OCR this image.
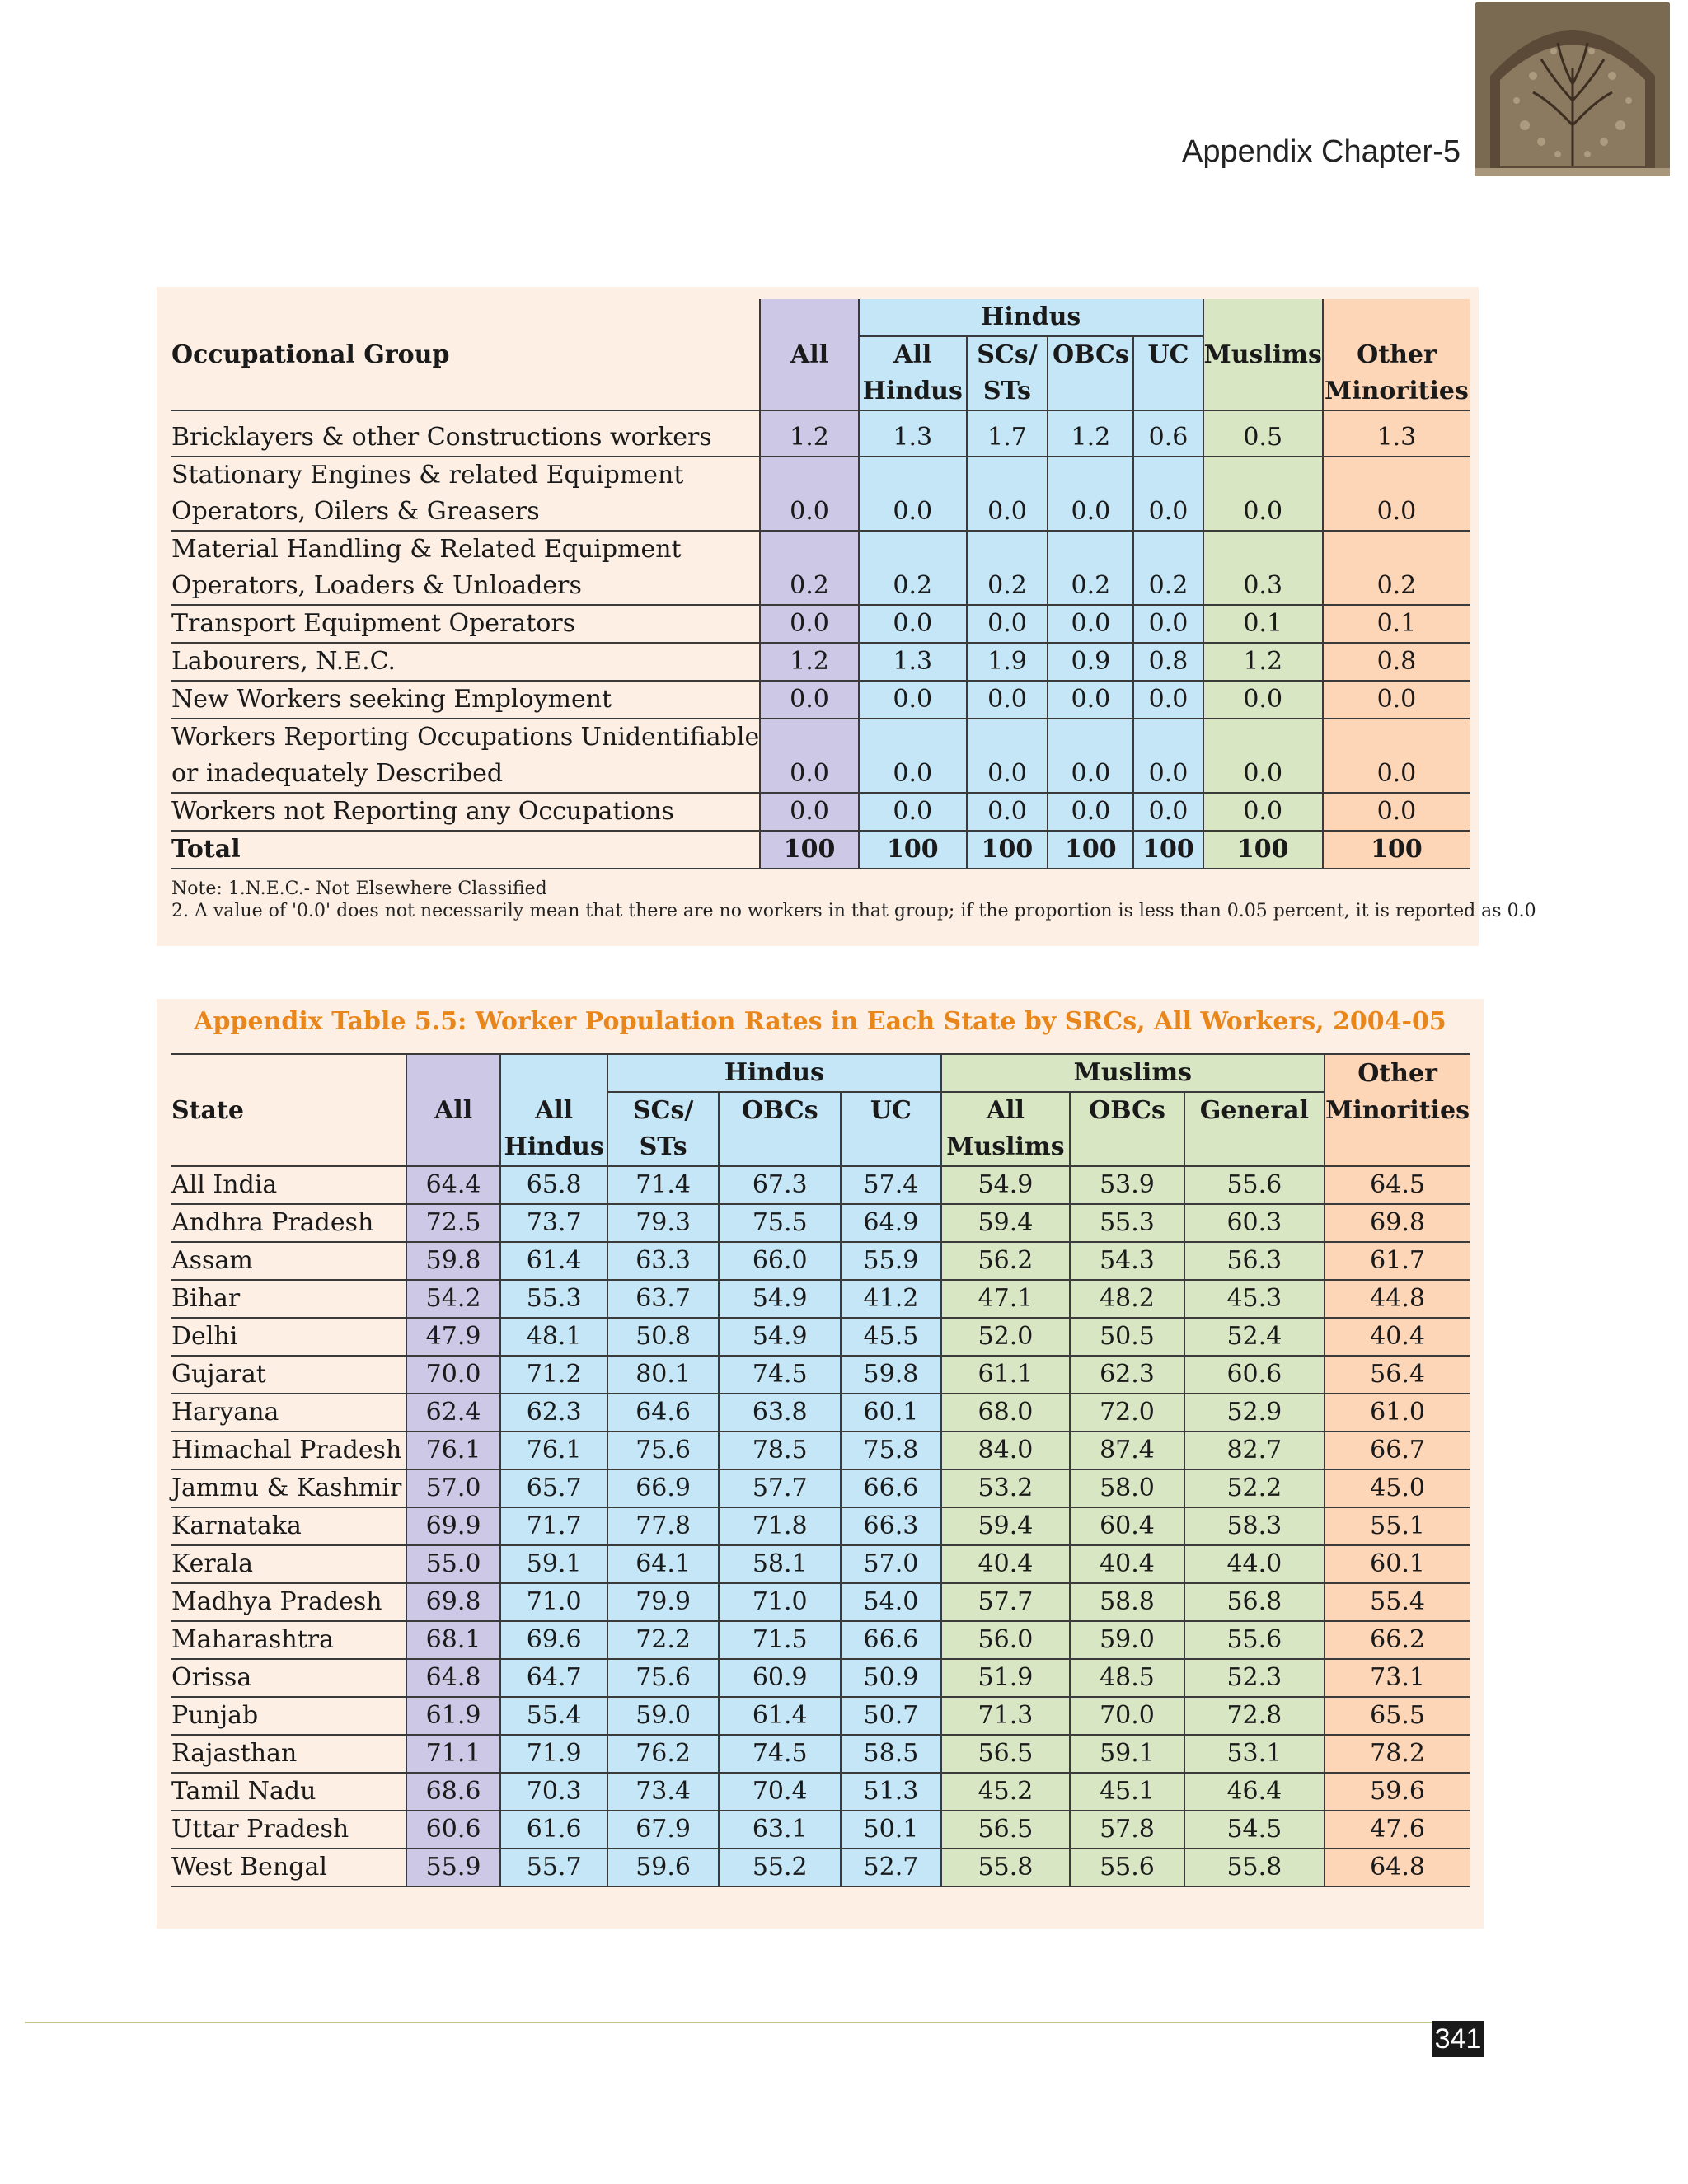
Appendix Chapter-5
		Hindus					
Occupational Group	All	All	SCs/	OBCs	UC	Muslims	Other
		Hindus	STs				Minorities

Bricklayers & other Constructions workers	1.2	1.3	1.7	1.2	0.6	0.5	1.3
Stationary Engines & related Equipment							
Operators, Oilers & Greasers	0.0	0.0	0.0	0.0	0.0	0.0	0.0
Material Handling & Related Equipment							
Operators, Loaders & Unloaders	0.2	0.2	0.2	0.2	0.2	0.3	0.2
Transport Equipment Operators	0.0	0.0	0.0	0.0	0.0	0.1	0.1
Labourers, N.E.C.	1.2	1.3	1.9	0.9	0.8	1.2	0.8
New Workers seeking Employment	0.0	0.0	0.0	0.0	0.0	0.0	0.0
Workers Reporting Occupations Unidentifiable							
or inadequately Described	0.0	0.0	0.0	0.0	0.0	0.0	0.0
Workers not Reporting any Occupations	0.0	0.0	0.0	0.0	0.0	0.0	0.0
Total	100	100	100	100	100	100	100
Note: 1.N.E.C.- Not Elsewhere Classified
2. A value of '0.0' does not necessarily mean that there are no workers in that group; if the proportion is less than 0.05 percent, it is reported as 0.0
Appendix Table 5.5: Worker Population Rates in Each State by SRCs, All Workers, 2004-05
			Hindus			Muslims			Other
State	All	All	SCs/	OBCs	UC	All	OBCs	General	Minorities
		Hindus	STs			Muslims			
All India	64.4	65.8	71.4	67.3	57.4	54.9	53.9	55.6	64.5
Andhra Pradesh	72.5	73.7	79.3	75.5	64.9	59.4	55.3	60.3	69.8
Assam	59.8	61.4	63.3	66.0	55.9	56.2	54.3	56.3	61.7
Bihar	54.2	55.3	63.7	54.9	41.2	47.1	48.2	45.3	44.8
Delhi	47.9	48.1	50.8	54.9	45.5	52.0	50.5	52.4	40.4
Gujarat	70.0	71.2	80.1	74.5	59.8	61.1	62.3	60.6	56.4
Haryana	62.4	62.3	64.6	63.8	60.1	68.0	72.0	52.9	61.0
Himachal Pradesh	76.1	76.1	75.6	78.5	75.8	84.0	87.4	82.7	66.7
Jammu & Kashmir	57.0	65.7	66.9	57.7	66.6	53.2	58.0	52.2	45.0
Karnataka	69.9	71.7	77.8	71.8	66.3	59.4	60.4	58.3	55.1
Kerala	55.0	59.1	64.1	58.1	57.0	40.4	40.4	44.0	60.1
Madhya Pradesh	69.8	71.0	79.9	71.0	54.0	57.7	58.8	56.8	55.4
Maharashtra	68.1	69.6	72.2	71.5	66.6	56.0	59.0	55.6	66.2
Orissa	64.8	64.7	75.6	60.9	50.9	51.9	48.5	52.3	73.1
Punjab	61.9	55.4	59.0	61.4	50.7	71.3	70.0	72.8	65.5
Rajasthan	71.1	71.9	76.2	74.5	58.5	56.5	59.1	53.1	78.2
Tamil Nadu	68.6	70.3	73.4	70.4	51.3	45.2	45.1	46.4	59.6
Uttar Pradesh	60.6	61.6	67.9	63.1	50.1	56.5	57.8	54.5	47.6
West Bengal	55.9	55.7	59.6	55.2	52.7	55.8	55.6	55.8	64.8
341
